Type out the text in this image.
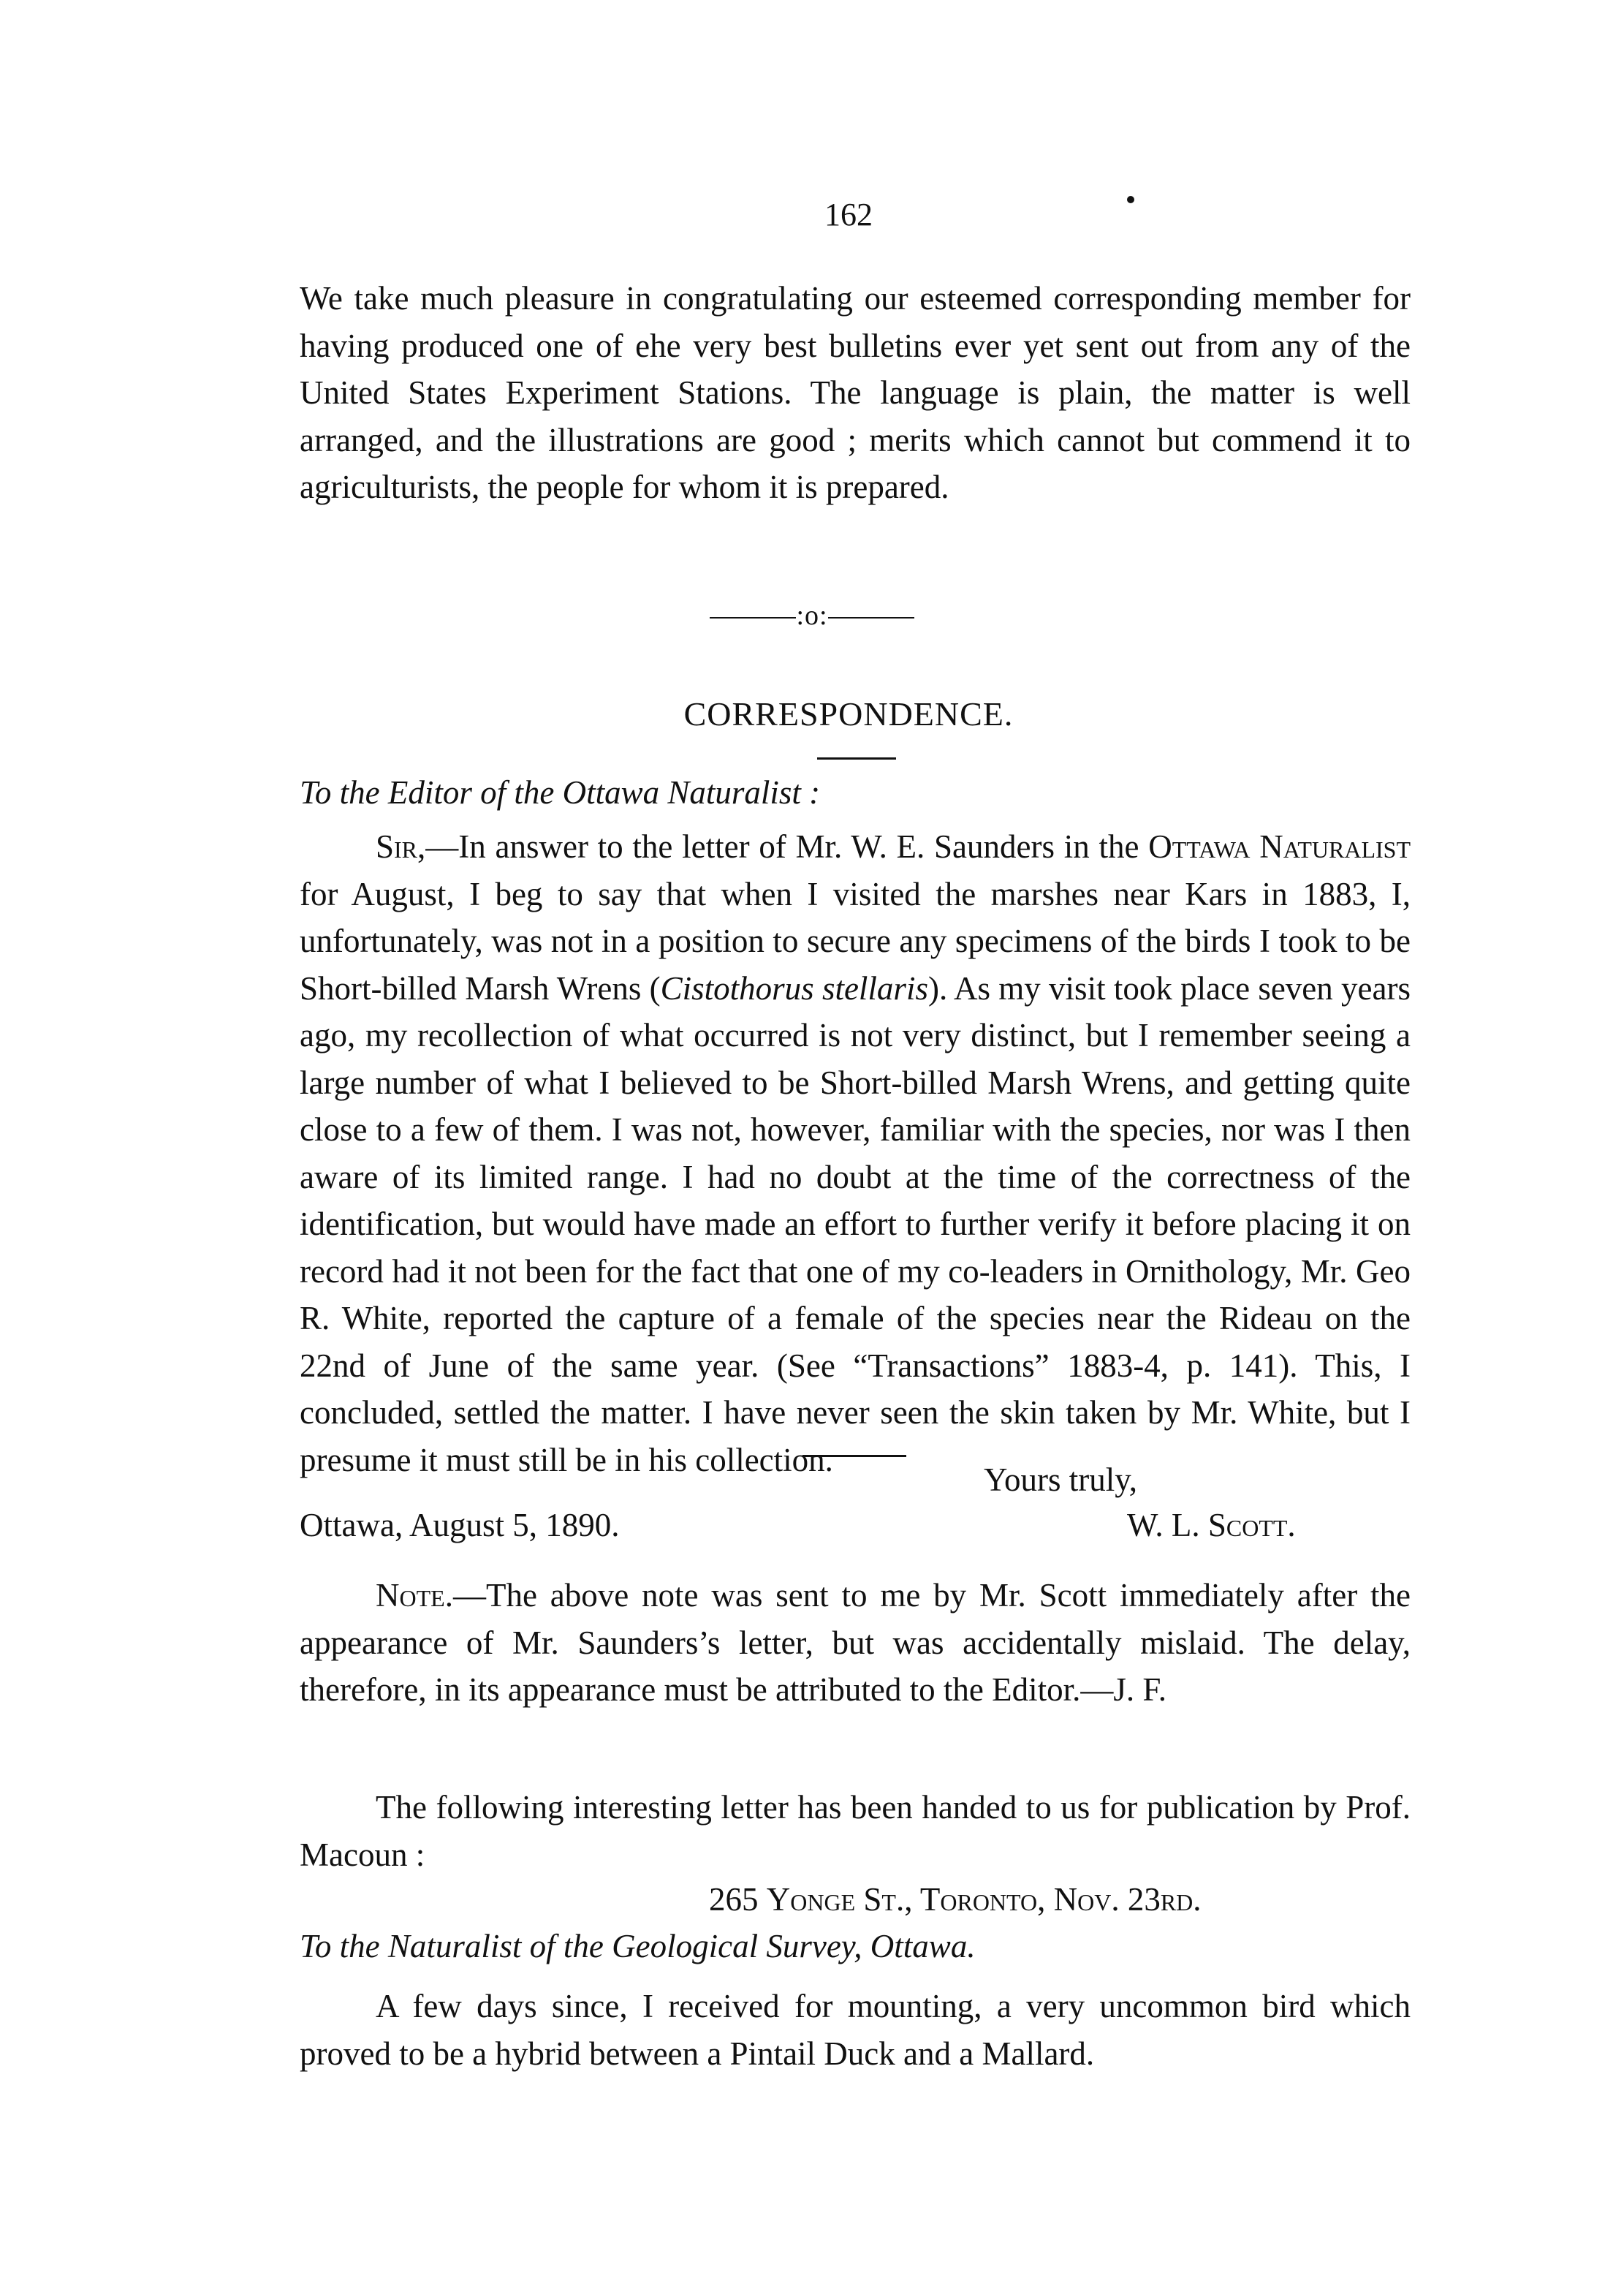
162

We take much pleasure in congratulating our esteemed corresponding member for having produced one of ehe very best bulletins ever yet sent out from any of the United States Experiment Stations. The language is plain, the matter is well arranged, and the illustrations are good ; merits which cannot but commend it to agriculturists, the people for whom it is prepared.

:o:
CORRESPONDENCE.
To the Editor of the Ottawa Naturalist :

Sir,—In answer to the letter of Mr. W. E. Saunders in the Ottawa Naturalist for August, I beg to say that when I visited the marshes near Kars in 1883, I, unfortunately, was not in a position to secure any specimens of the birds I took to be Short-billed Marsh Wrens (Cistothorus stellaris). As my visit took place seven years ago, my recollection of what occurred is not very distinct, but I remember seeing a large number of what I believed to be Short-billed Marsh Wrens, and getting quite close to a few of them. I was not, however, familiar with the species, nor was I then aware of its limited range. I had no doubt at the time of the correctness of the identification, but would have made an effort to further verify it before placing it on record had it not been for the fact that one of my co-leaders in Ornithology, Mr. Geo R. White, reported the capture of a female of the species near the Rideau on the 22nd of June of the same year. (See “Transactions” 1883-4, p. 141). This, I concluded, settled the matter. I have never seen the skin taken by Mr. White, but I presume it must still be in his collection.

Yours truly,
Ottawa, August 5, 1890.	W. L. Scott.

Note.—The above note was sent to me by Mr. Scott immediately after the appearance of Mr. Saunders’s letter, but was accidentally mislaid. The delay, therefore, in its appearance must be attributed to the Editor.—J. F.

The following interesting letter has been handed to us for publication by Prof. Macoun :

265 Yonge St., Toronto, Nov. 23rd.
To the Naturalist of the Geological Survey, Ottawa.

A few days since, I received for mounting, a very uncommon bird which proved to be a hybrid between a Pintail Duck and a Mallard.
